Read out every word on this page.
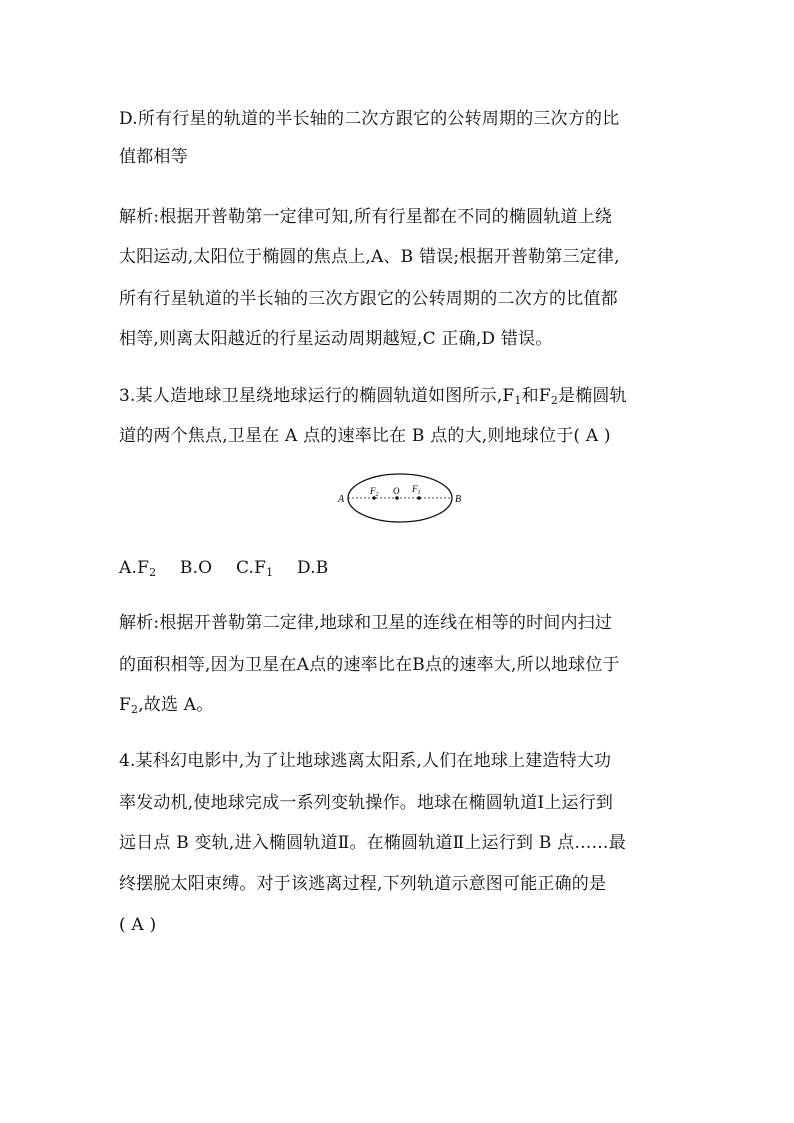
D.所有行星的轨道的半长轴的二次方跟它的公转周期的三次方的比
值都相等
解析:根据开普勒第一定律可知,所有行星都在不同的椭圆轨道上绕
太阳运动,太阳位于椭圆的焦点上,A、B 错误;根据开普勒第三定律,
所有行星轨道的半长轴的三次方跟它的公转周期的二次方的比值都
相等,则离太阳越近的行星运动周期越短,C 正确,D 错误。
3.某人造地球卫星绕地球运行的椭圆轨道如图所示$,F_1$和$F_2$是椭圆轨
道的两个焦点,卫星在 A 点的速率比在 B 点的大,则地球位于( A )
A	B
$F_2$ O $F_1$
$A.F_2$ B.O $C.F_1$ D.B
解析:根据开普勒第二定律,地球和卫星的连线在相等的时间内扫过
的面积相等,因为卫星在A点的速率比在B点的速率大,所以地球位于
$F_2$,故选 A。
4.某科幻电影中,为了让地球逃离太阳系,人们在地球上建造特大功
率发动机,使地球完成一系列变轨操作。地球在椭圆轨道Ⅰ上运行到
远日点 B 变轨,进入椭圆轨道Ⅱ。在椭圆轨道Ⅱ上运行到 B 点……最
终摆脱太阳束缚。对于该逃离过程,下列轨道示意图可能正确的是
( A )
